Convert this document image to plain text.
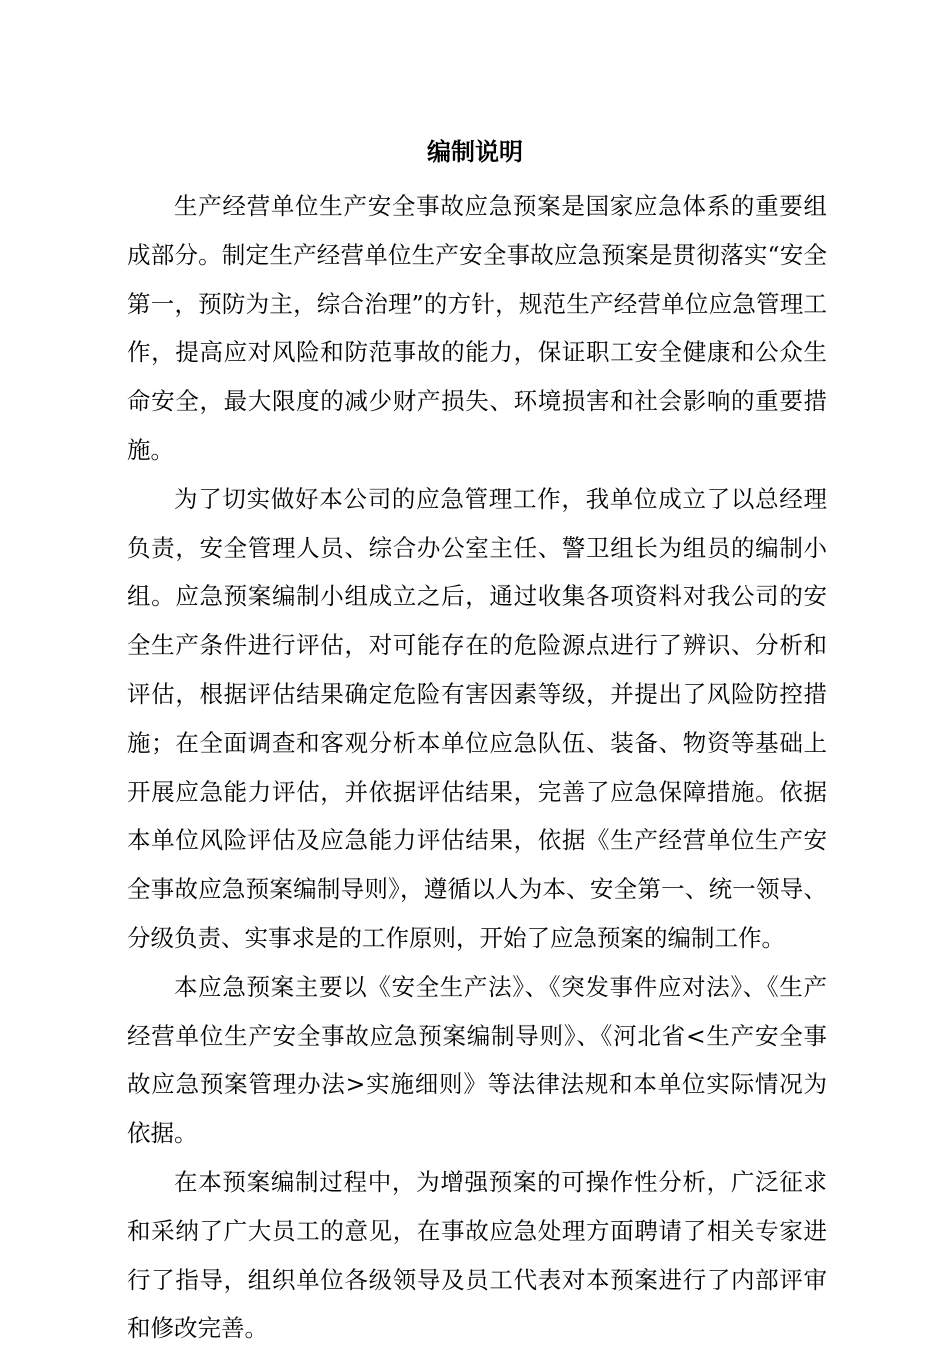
编制说明

生产经营单位生产安全事故应急预案是国家应急体系的重要组成部分。制定生产经营单位生产安全事故应急预案是贯彻落实“安全第一，预防为主，综合治理”的方针，规范生产经营单位应急管理工作，提高应对风险和防范事故的能力，保证职工安全健康和公众生命安全，最大限度的减少财产损失、环境损害和社会影响的重要措施。

为了切实做好本公司的应急管理工作，我单位成立了以总经理负责，安全管理人员、综合办公室主任、警卫组长为组员的编制小组。应急预案编制小组成立之后，通过收集各项资料对我公司的安全生产条件进行评估，对可能存在的危险源点进行了辨识、分析和评估，根据评估结果确定危险有害因素等级，并提出了风险防控措施；在全面调查和客观分析本单位应急队伍、装备、物资等基础上开展应急能力评估，并依据评估结果，完善了应急保障措施。依据本单位风险评估及应急能力评估结果，依据《生产经营单位生产安全事故应急预案编制导则》，遵循以人为本、安全第一、统一领导、分级负责、实事求是的工作原则，开始了应急预案的编制工作。

本应急预案主要以《安全生产法》、《突发事件应对法》、《生产经营单位生产安全事故应急预案编制导则》、《河北省<生产安全事故应急预案管理办法>实施细则》等法律法规和本单位实际情况为依据。

在本预案编制过程中，为增强预案的可操作性分析，广泛征求和采纳了广大员工的意见，在事故应急处理方面聘请了相关专家进行了指导，组织单位各级领导及员工代表对本预案进行了内部评审和修改完善。
